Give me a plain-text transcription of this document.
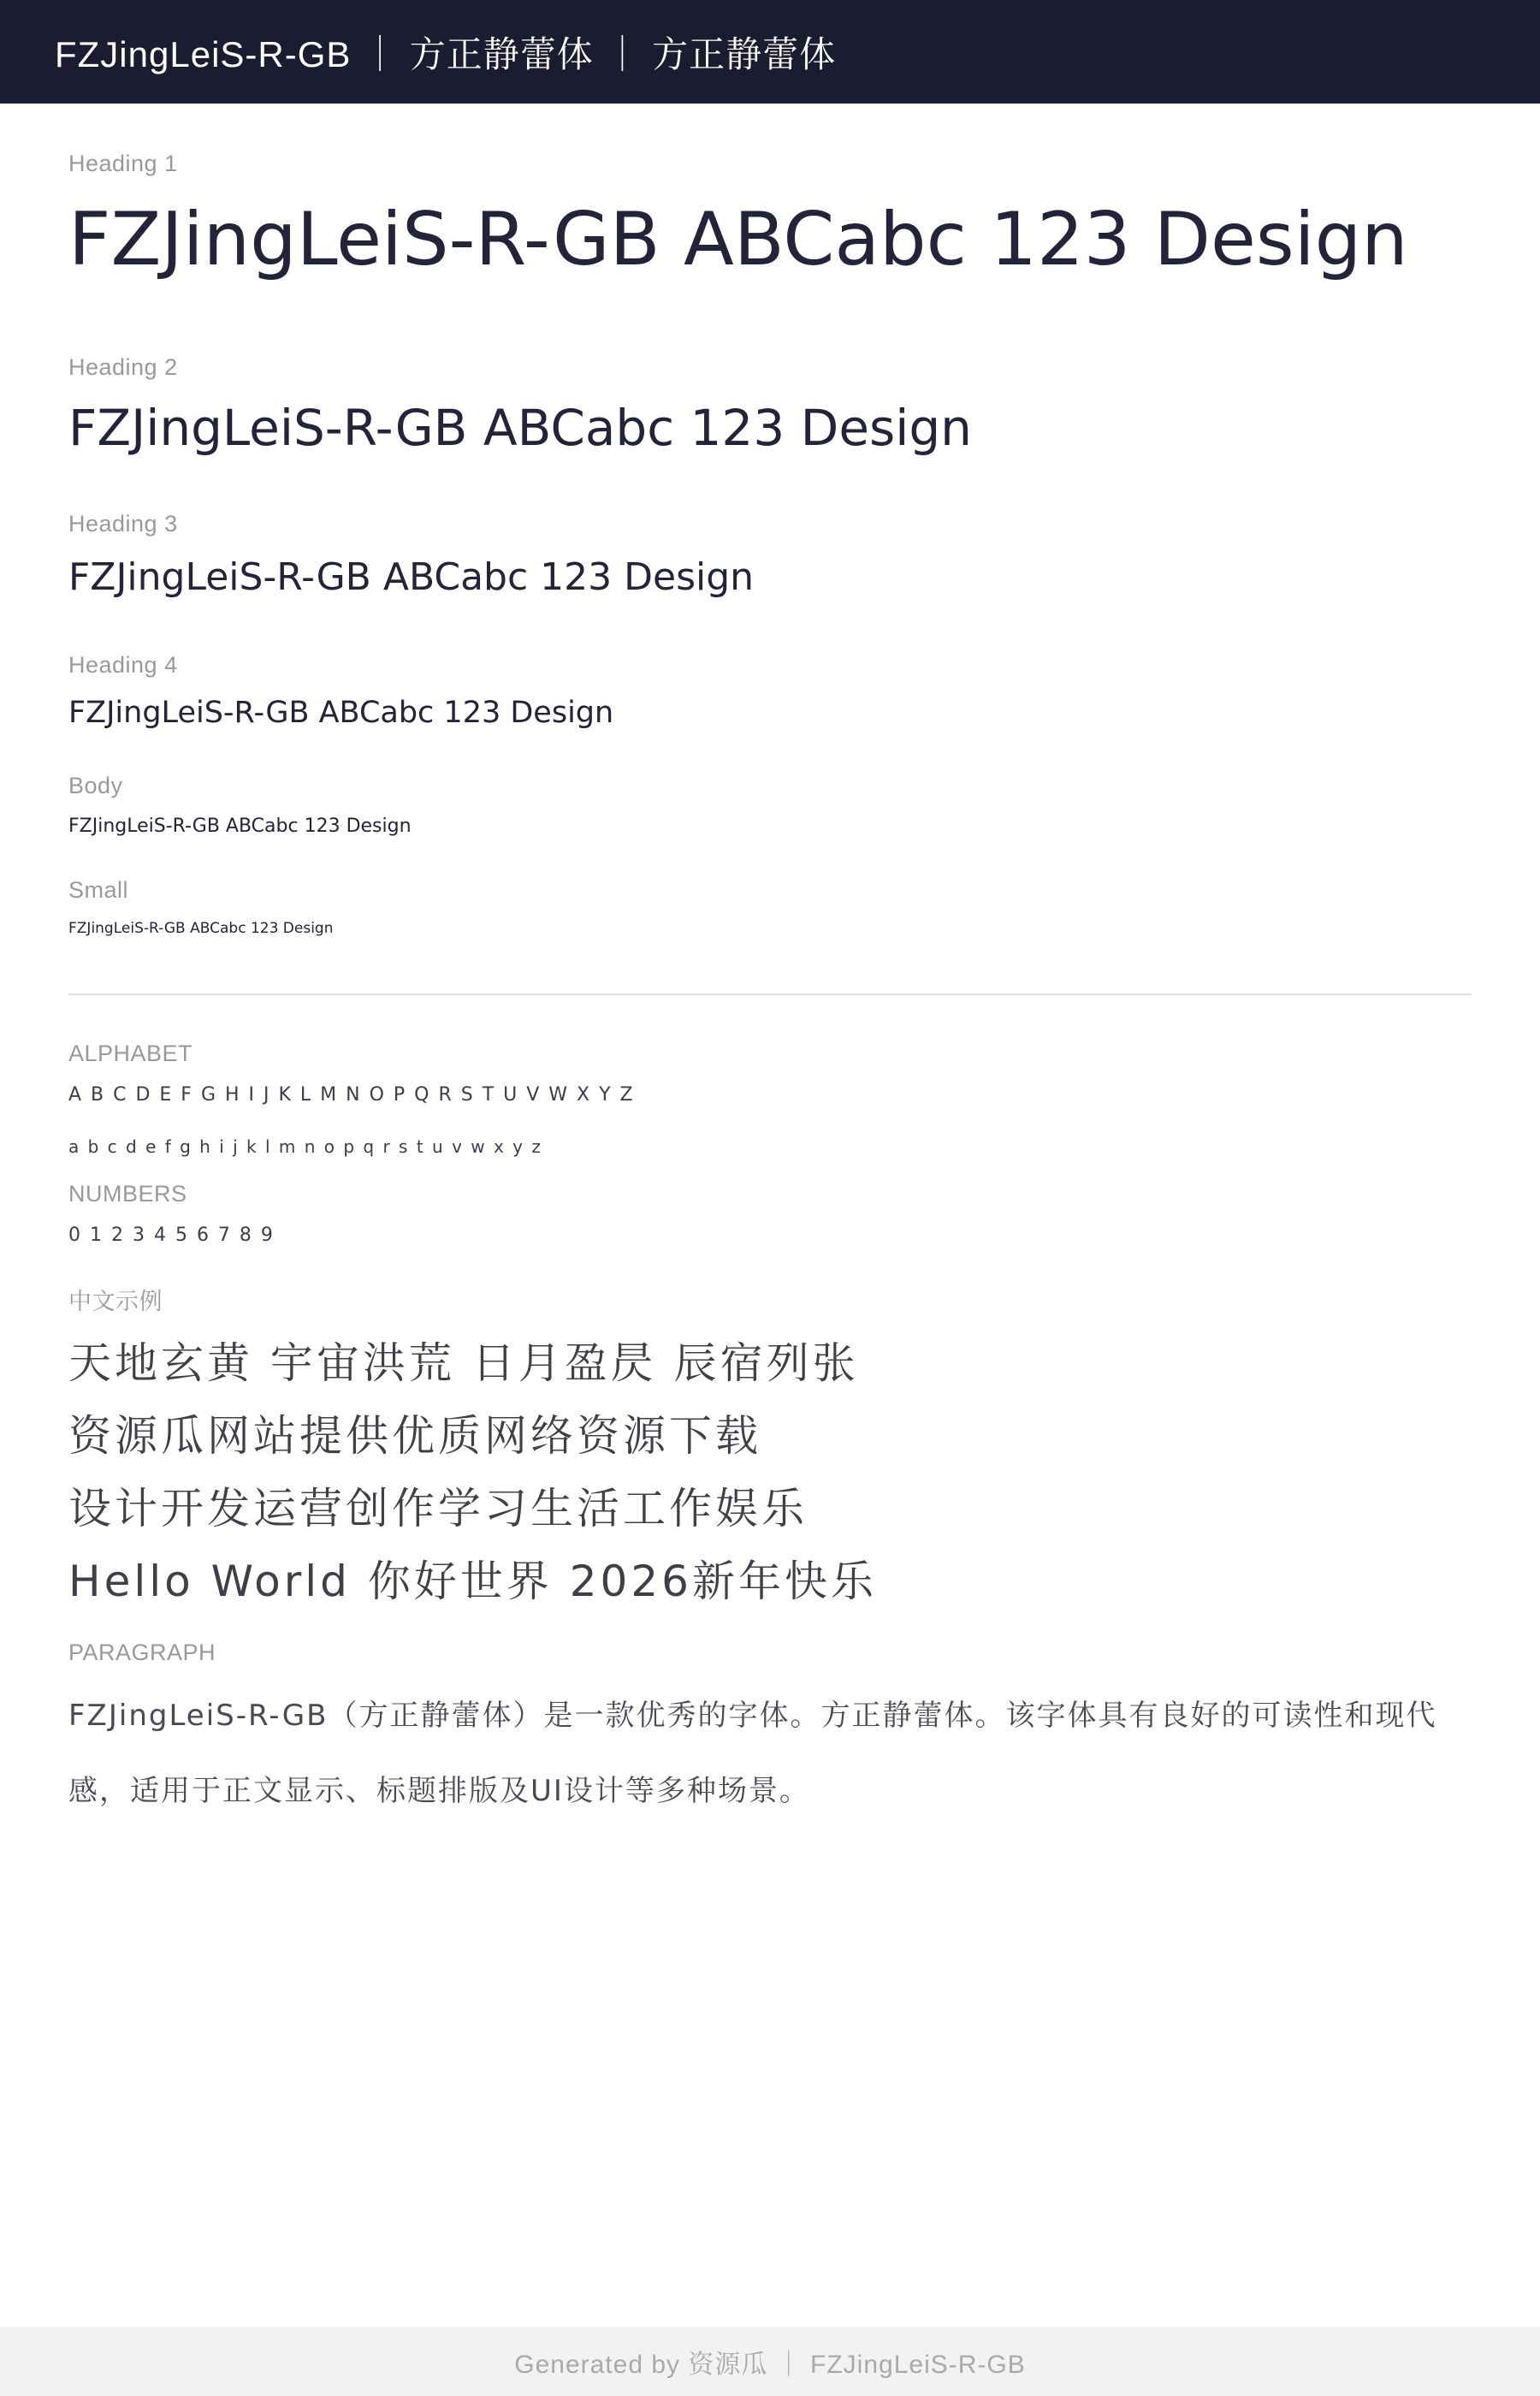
FZJingLeiS-R-GB ｜ 方正静蕾体 ｜ 方正静蕾体
Heading 1
FZJingLeiS-R-GB ABCabc 123 Design
Heading 2
FZJingLeiS-R-GB ABCabc 123 Design
Heading 3
FZJingLeiS-R-GB ABCabc 123 Design
Heading 4
FZJingLeiS-R-GB ABCabc 123 Design
Body
FZJingLeiS-R-GB ABCabc 123 Design
Small
FZJingLeiS-R-GB ABCabc 123 Design
ALPHABET
A B C D E F G H I J K L M N O P Q R S T U V W X Y Z
a b c d e f g h i j k l m n o p q r s t u v w x y z
NUMBERS
0 1 2 3 4 5 6 7 8 9
中文示例
天地玄黄 宇宙洪荒 日月盈昃 辰宿列张
资源瓜网站提供优质网络资源下载
设计开发运营创作学习生活工作娱乐
Hello World 你好世界 2026新年快乐
PARAGRAPH
FZJingLeiS-R-GB（方正静蕾体）是一款优秀的字体。方正静蕾体。该字体具有良好的可读性和现代感，适用于正文显示、标题排版及UI设计等多种场景。
Generated by 资源瓜 ｜ FZJingLeiS-R-GB
